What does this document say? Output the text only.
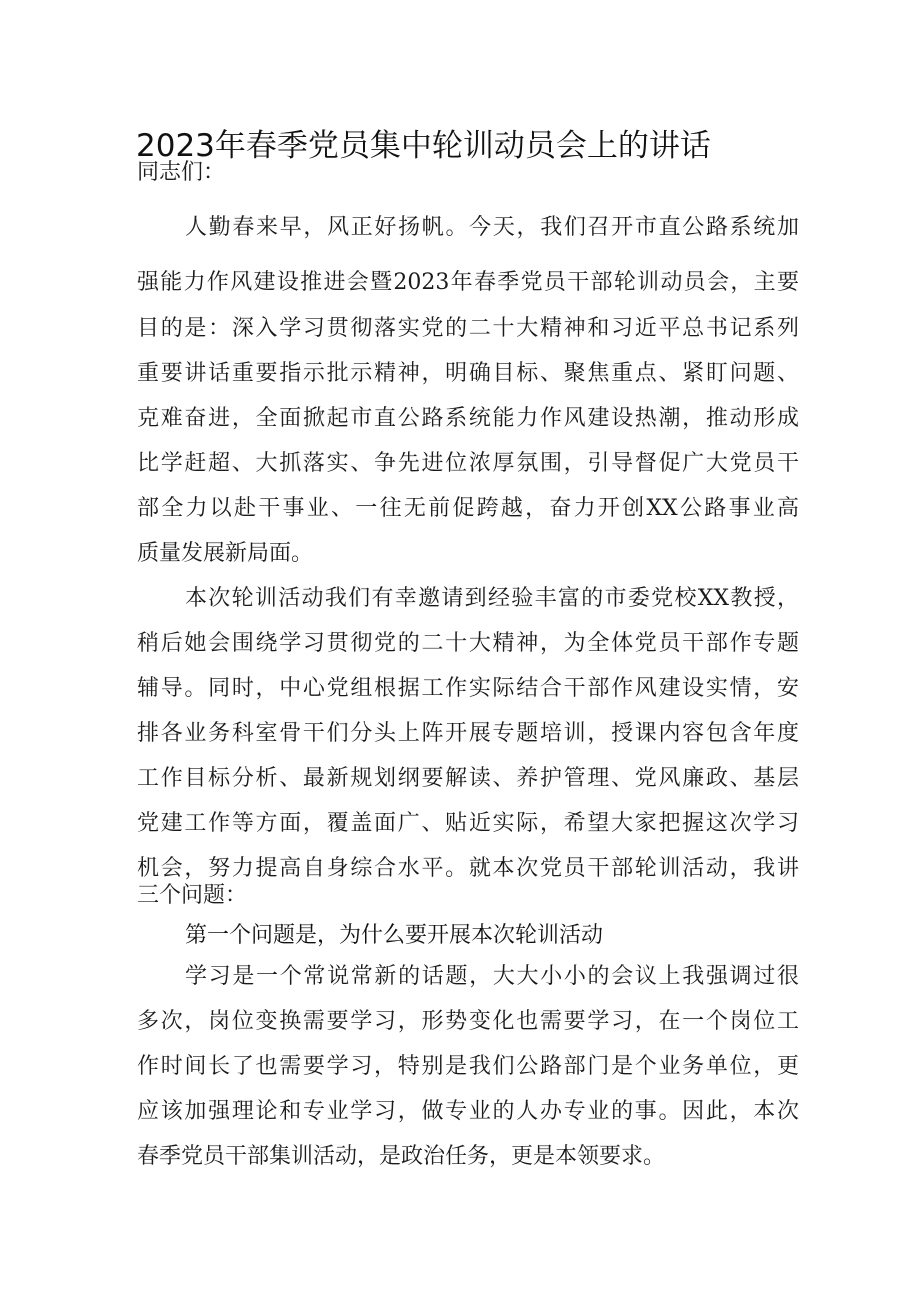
2023年春季党员集中轮训动员会上的讲话
同志们：
人勤春来早，风正好扬帆。今天，我们召开市直公路系统加
强能力作风建设推进会暨2023年春季党员干部轮训动员会，主要
目的是：深入学习贯彻落实党的二十大精神和习近平总书记系列
重要讲话重要指示批示精神，明确目标、聚焦重点、紧盯问题、
克难奋进，全面掀起市直公路系统能力作风建设热潮，推动形成
比学赶超、大抓落实、争先进位浓厚氛围，引导督促广大党员干
部全力以赴干事业、一往无前促跨越，奋力开创XX公路事业高
质量发展新局面。
本次轮训活动我们有幸邀请到经验丰富的市委党校XX教授，
稍后她会围绕学习贯彻党的二十大精神，为全体党员干部作专题
辅导。同时，中心党组根据工作实际结合干部作风建设实情，安
排各业务科室骨干们分头上阵开展专题培训，授课内容包含年度
工作目标分析、最新规划纲要解读、养护管理、党风廉政、基层
党建工作等方面，覆盖面广、贴近实际，希望大家把握这次学习
机会，努力提高自身综合水平。就本次党员干部轮训活动，我讲
三个问题：
第一个问题是，为什么要开展本次轮训活动
学习是一个常说常新的话题，大大小小的会议上我强调过很
多次，岗位变换需要学习，形势变化也需要学习，在一个岗位工
作时间长了也需要学习，特别是我们公路部门是个业务单位，更
应该加强理论和专业学习，做专业的人办专业的事。因此，本次
春季党员干部集训活动，是政治任务，更是本领要求。
